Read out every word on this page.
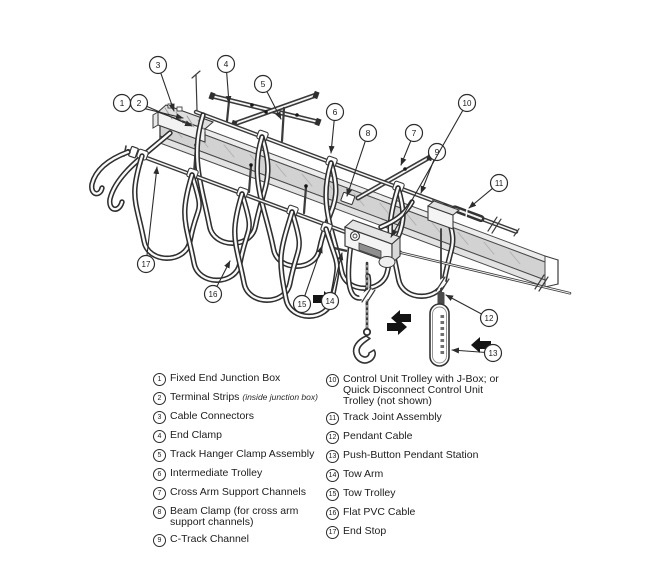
1 2
3	4
5
6
7
8
9
10
11
12
13
14
15
16
17
1 Fixed End Junction Box
2 Terminal Strips (inside junction box)
3 Cable Connectors
4 End Clamp
5 Track Hanger Clamp Assembly
6 Intermediate Trolley
7 Cross Arm Support Channels
8 Beam Clamp (for cross arm support channels)
9 C-Track Channel
10 Control Unit Trolley with J-Box; or Quick Disconnect Control Unit Trolley (not shown)
11 Track Joint Assembly
12 Pendant Cable
13 Push-Button Pendant Station
14 Tow Arm
15 Tow Trolley
16 Flat PVC Cable
17 End Stop
